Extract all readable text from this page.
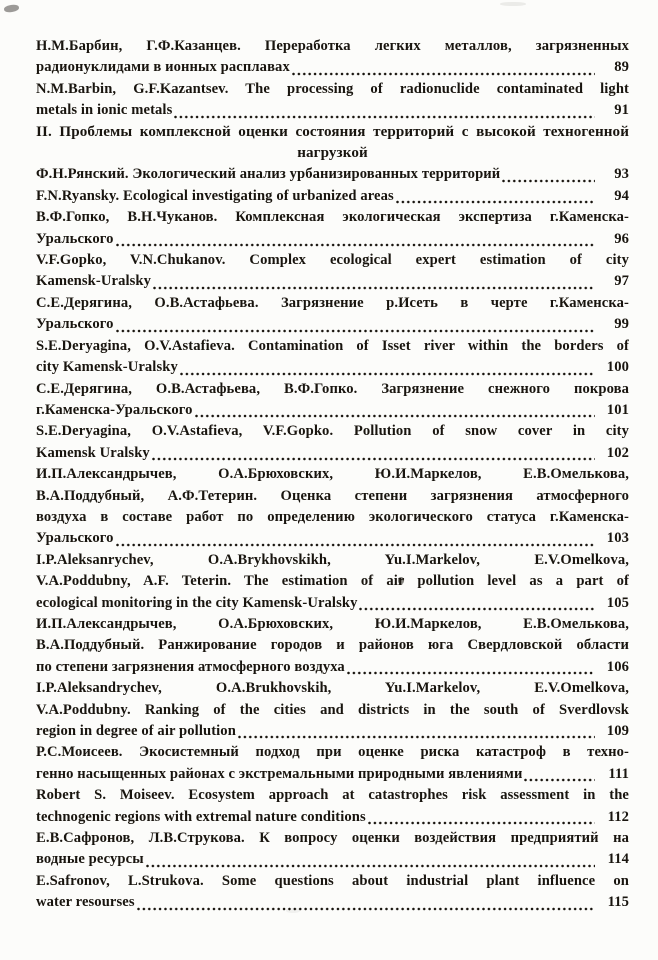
Н.М.Барбин, Г.Ф.Казанцев. Переработка легких металлов, загрязненных
радионуклидами в ионных расплавах	89
N.M.Barbin, G.F.Kazantsev. The processing of radionuclide contaminated light
metals in ionic metals	91
II. Проблемы комплексной оценки состояния территорий с высокой техногенной
нагрузкой
Ф.Н.Рянский. Экологический анализ урбанизированных территорий	93
F.N.Ryansky. Ecological investigating of urbanized areas	94
В.Ф.Гопко, В.Н.Чуканов. Комплексная экологическая экспертиза г.Каменска-
Уральского	96
V.F.Gopko, V.N.Chukanov. Complex ecological expert estimation of city
Kamensk-Uralsky	97
С.Е.Дерягина, О.В.Астафьева. Загрязнение р.Исеть в черте г.Каменска-
Уральского	99
S.E.Deryagina, O.V.Astafieva. Contamination of Isset river within the borders of
city Kamensk-Uralsky	100
С.Е.Дерягина, О.В.Астафьева, В.Ф.Гопко. Загрязнение снежного покрова
г.Каменска-Уральского	101
S.E.Deryagina, O.V.Astafieva, V.F.Gopko. Pollution of snow cover in city
Kamensk Uralsky	102
И.П.Александрычев, О.А.Брюховских, Ю.И.Маркелов, Е.В.Омелькова,
В.А.Поддубный, А.Ф.Тетерин. Оценка степени загрязнения атмосферного
воздуха в составе работ по определению экологического статуса г.Каменска-
Уральского	103
I.P.Aleksanrychev, O.A.Brykhovskikh, Yu.I.Markelov, E.V.Omelkova,
V.A.Poddubny, A.F. Teterin. The estimation of air pollution level as a part of
ecological monitoring in the city Kamensk-Uralsky	105
И.П.Александрычев, О.А.Брюховских, Ю.И.Маркелов, Е.В.Омелькова,
В.А.Поддубный. Ранжирование городов и районов юга Свердловской области
по степени загрязнения атмосферного воздуха	106
I.P.Aleksandrychev, O.A.Brukhovskih, Yu.I.Markelov, E.V.Omelkova,
V.A.Poddubny. Ranking of the cities and districts in the south of Sverdlovsk
region in degree of air pollution	109
Р.С.Моисеев. Экосистемный подход при оценке риска катастроф в техно-
генно насыщенных районах с экстремальными природными явлениями	111
Robert S. Moiseev. Ecosystem approach at catastrophes risk assessment in the
technogenic regions with extremal nature conditions	112
Е.В.Сафронов, Л.В.Струкова. К вопросу оценки воздействия предприятий на
водные ресурсы	114
E.Safronov, L.Strukova. Some questions about industrial plant influence on
water resourses	115
